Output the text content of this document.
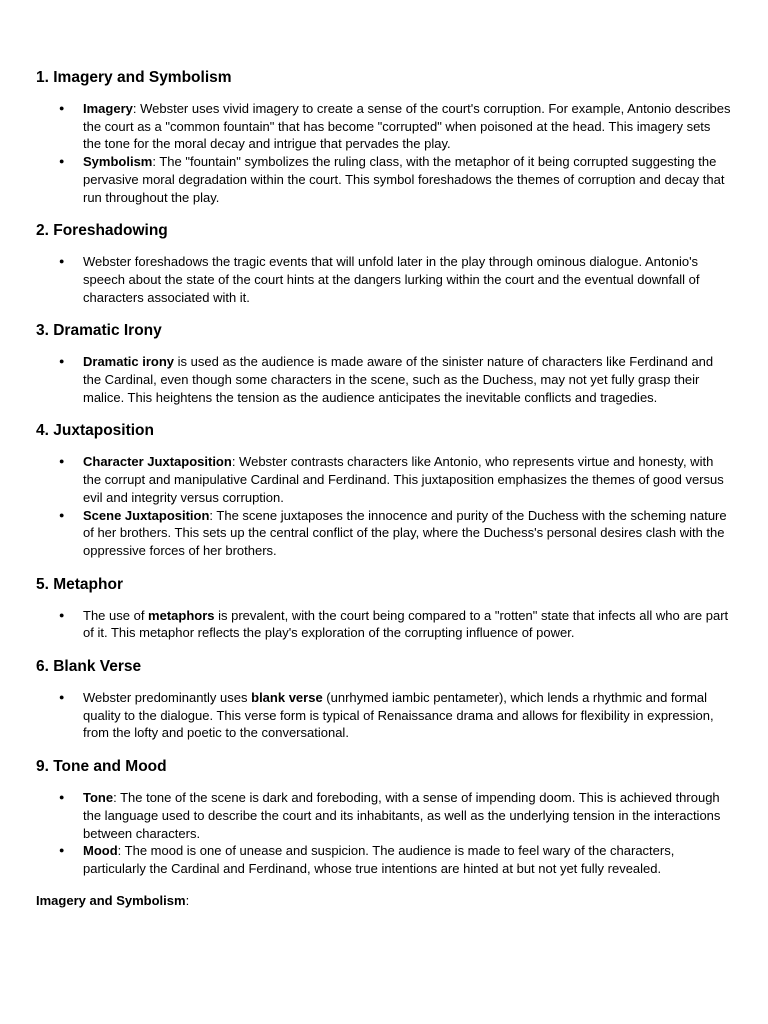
1. Imagery and Symbolism
● Imagery: Webster uses vivid imagery to create a sense of the court's corruption. For example, Antonio describes the court as a "common fountain" that has become "corrupted" when poisoned at the head. This imagery sets the tone for the moral decay and intrigue that pervades the play.
● Symbolism: The "fountain" symbolizes the ruling class, with the metaphor of it being corrupted suggesting the pervasive moral degradation within the court. This symbol foreshadows the themes of corruption and decay that run throughout the play.
2. Foreshadowing
● Webster foreshadows the tragic events that will unfold later in the play through ominous dialogue. Antonio's speech about the state of the court hints at the dangers lurking within the court and the eventual downfall of characters associated with it.
3. Dramatic Irony
● Dramatic irony is used as the audience is made aware of the sinister nature of characters like Ferdinand and the Cardinal, even though some characters in the scene, such as the Duchess, may not yet fully grasp their malice. This heightens the tension as the audience anticipates the inevitable conflicts and tragedies.
4. Juxtaposition
● Character Juxtaposition: Webster contrasts characters like Antonio, who represents virtue and honesty, with the corrupt and manipulative Cardinal and Ferdinand. This juxtaposition emphasizes the themes of good versus evil and integrity versus corruption.
● Scene Juxtaposition: The scene juxtaposes the innocence and purity of the Duchess with the scheming nature of her brothers. This sets up the central conflict of the play, where the Duchess's personal desires clash with the oppressive forces of her brothers.
5. Metaphor
● The use of metaphors is prevalent, with the court being compared to a "rotten" state that infects all who are part of it. This metaphor reflects the play's exploration of the corrupting influence of power.
6. Blank Verse
● Webster predominantly uses blank verse (unrhymed iambic pentameter), which lends a rhythmic and formal quality to the dialogue. This verse form is typical of Renaissance drama and allows for flexibility in expression, from the lofty and poetic to the conversational.
9. Tone and Mood
● Tone: The tone of the scene is dark and foreboding, with a sense of impending doom. This is achieved through the language used to describe the court and its inhabitants, as well as the underlying tension in the interactions between characters.
● Mood: The mood is one of unease and suspicion. The audience is made to feel wary of the characters, particularly the Cardinal and Ferdinand, whose true intentions are hinted at but not yet fully revealed.
Imagery and Symbolism:
